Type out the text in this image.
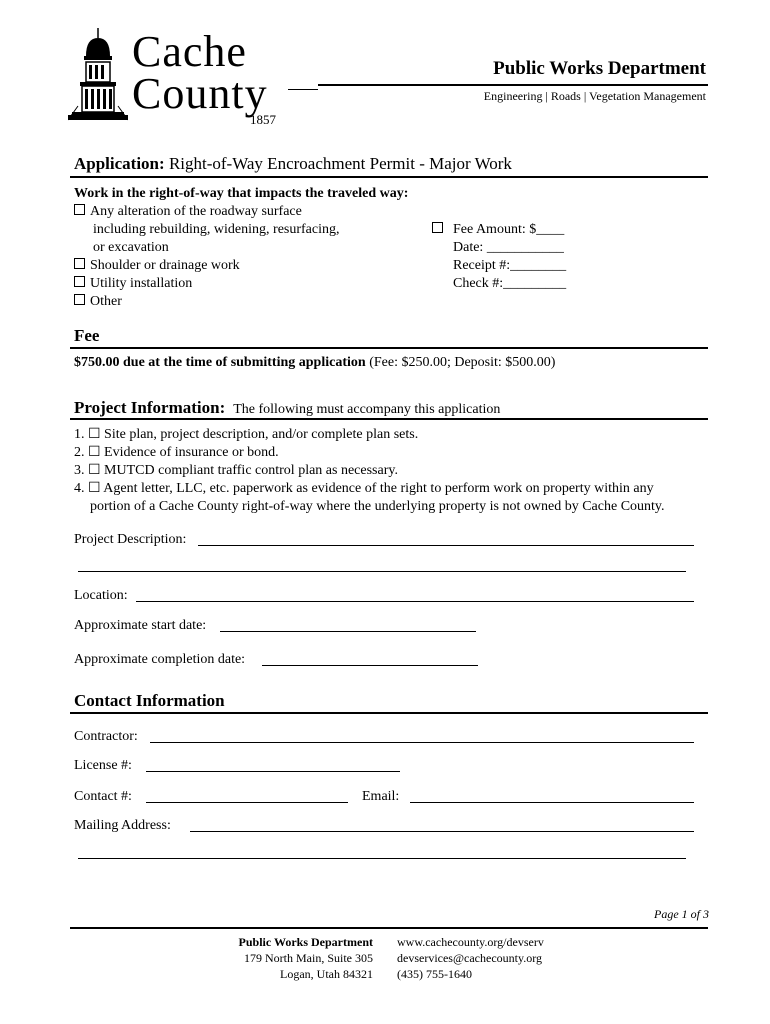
Cache
County
1857
Public Works Department
Engineering | Roads | Vegetation Management
Application: Right-of-Way Encroachment Permit - Major Work
Work in the right-of-way that impacts the traveled way:
Any alteration of the roadway surface
including rebuilding, widening, resurfacing,
or excavation
Shoulder or drainage work
Utility installation
Other
Fee Amount: $____
Date: ___________
Receipt #:________
Check #:_________
Fee
$750.00 due at the time of submitting application (Fee: $250.00; Deposit: $500.00)
Project Information: The following must accompany this application
1. ☐ Site plan, project description, and/or complete plan sets.
2. ☐ Evidence of insurance or bond.
3. ☐ MUTCD compliant traffic control plan as necessary.
4. ☐ Agent letter, LLC, etc. paperwork as evidence of the right to perform work on property within any
portion of a Cache County right-of-way where the underlying property is not owned by Cache County.
Project Description:
Location:
Approximate start date:
Approximate completion date:
Contact Information
Contractor:
License #:
Contact #:	Email:
Mailing Address:
Page 1 of 3
Public Works Department
179 North Main, Suite 305
Logan, Utah 84321
www.cachecounty.org/devserv
devservices@cachecounty.org
(435) 755-1640
